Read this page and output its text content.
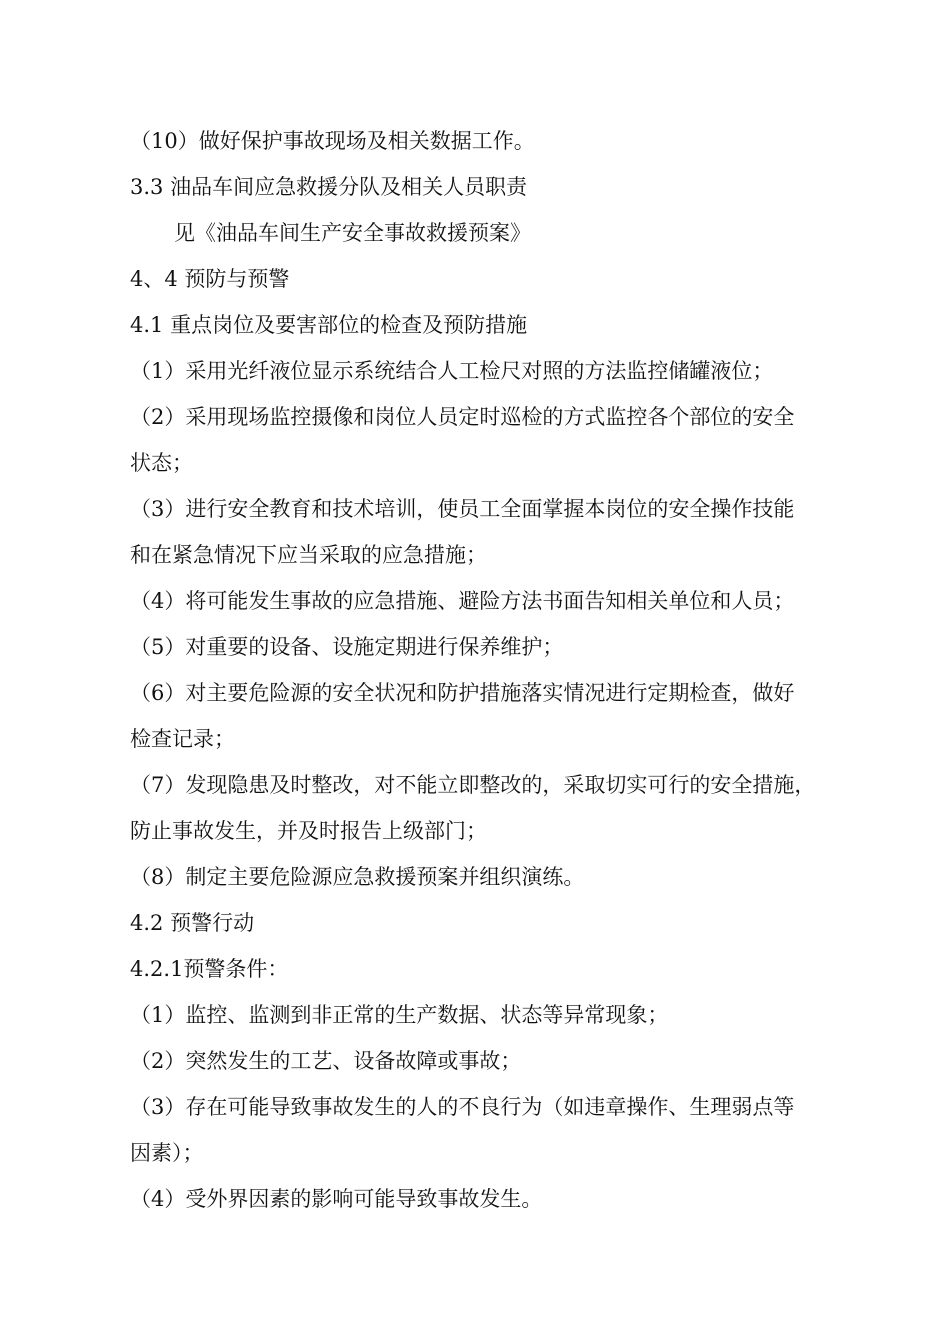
（10）做好保护事故现场及相关数据工作。
3.3 油品车间应急救援分队及相关人员职责
见《油品车间生产安全事故救援预案》
4、4 预防与预警
4.1 重点岗位及要害部位的检查及预防措施
（1）采用光纤液位显示系统结合人工检尺对照的方法监控储罐液位；
（2）采用现场监控摄像和岗位人员定时巡检的方式监控各个部位的安全
状态；
（3）进行安全教育和技术培训，使员工全面掌握本岗位的安全操作技能
和在紧急情况下应当采取的应急措施；
（4）将可能发生事故的应急措施、避险方法书面告知相关单位和人员；
（5）对重要的设备、设施定期进行保养维护；
（6）对主要危险源的安全状况和防护措施落实情况进行定期检查，做好
检查记录；
（7）发现隐患及时整改，对不能立即整改的，采取切实可行的安全措施，
防止事故发生，并及时报告上级部门；
（8）制定主要危险源应急救援预案并组织演练。
4.2 预警行动
4.2.1预警条件：
（1）监控、监测到非正常的生产数据、状态等异常现象；
（2）突然发生的工艺、设备故障或事故；
（3）存在可能导致事故发生的人的不良行为（如违章操作、生理弱点等
因素）；
（4）受外界因素的影响可能导致事故发生。
